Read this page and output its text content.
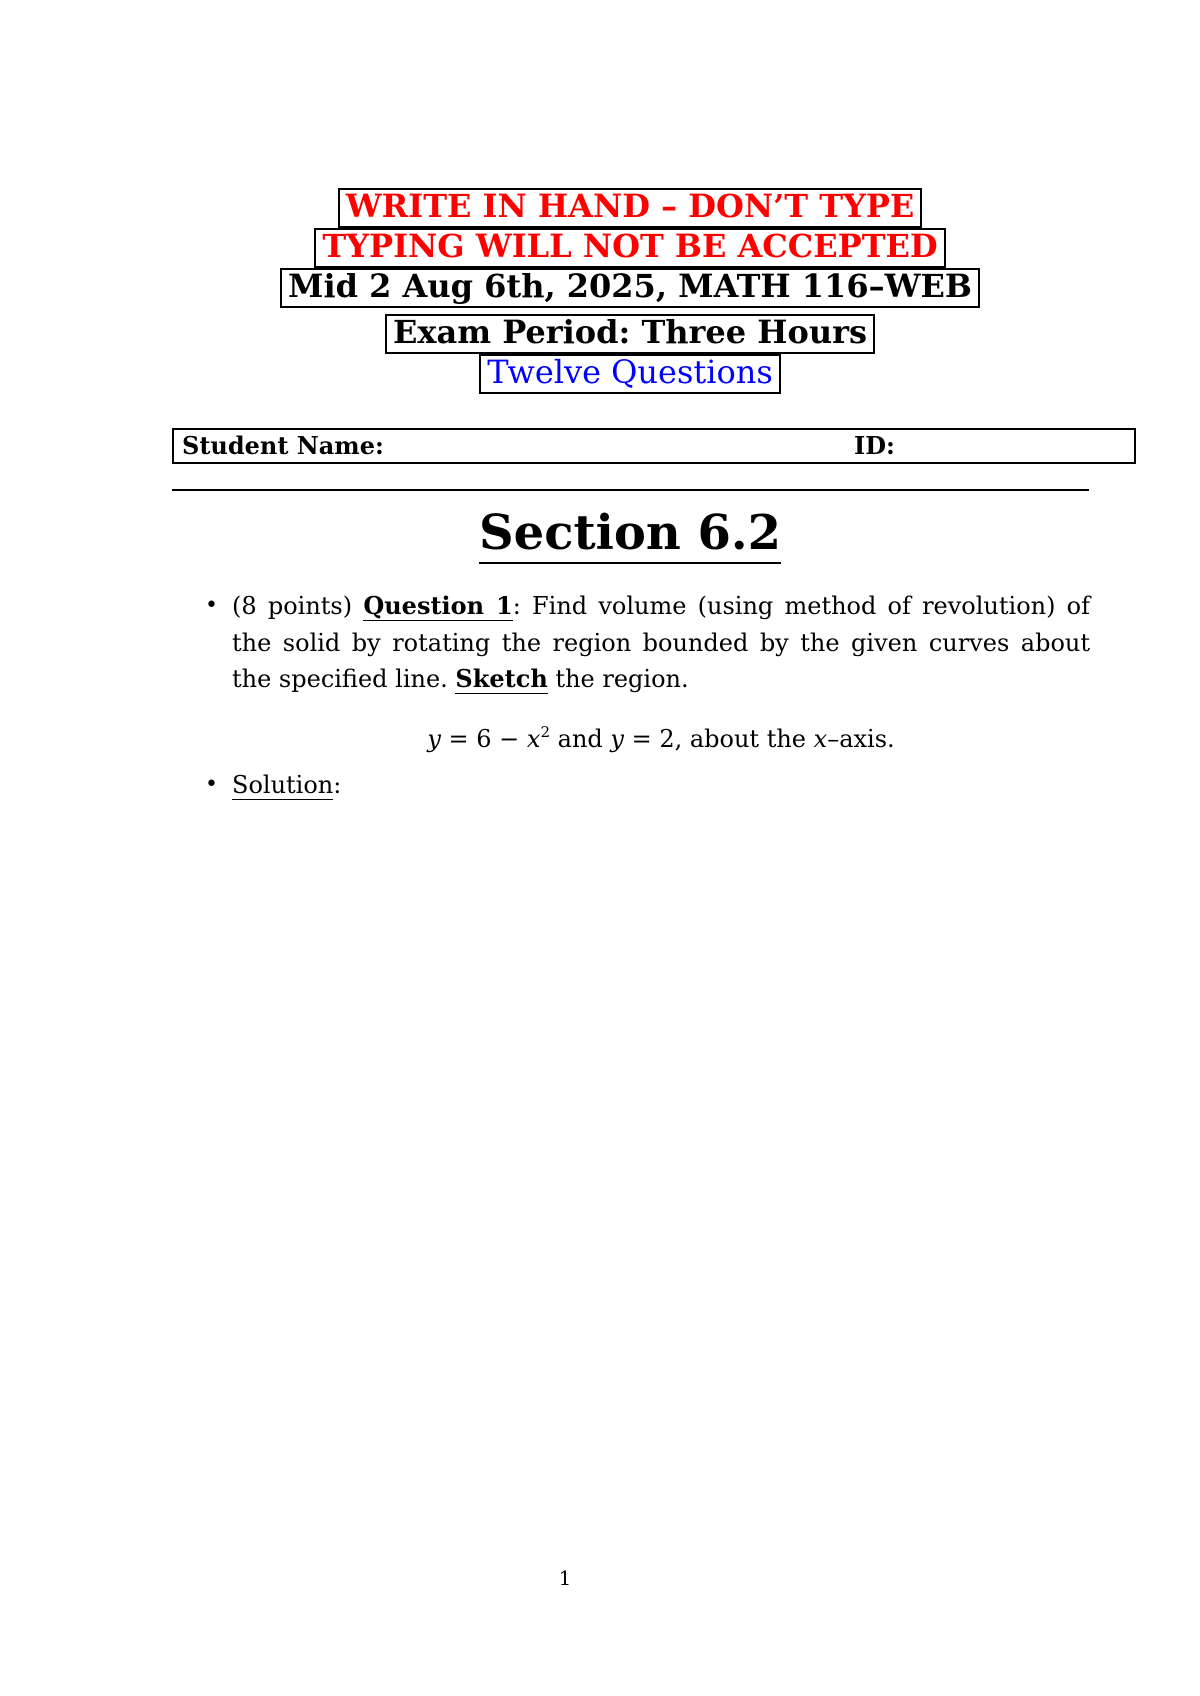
WRITE IN HAND – DON’T TYPE
TYPING WILL NOT BE ACCEPTED
Mid 2 Aug 6th, 2025, MATH 116–WEB
Exam Period: Three Hours
Twelve Questions
Student Name:	ID:
Section 6.2
• (8 points) Question 1: Find volume (using method of revolution) of the solid by rotating the region bounded by the given curves about the specified line. Sketch the region.
$y = 6 - x^2$ and y = 2, about the x–axis.
• Solution:
1
